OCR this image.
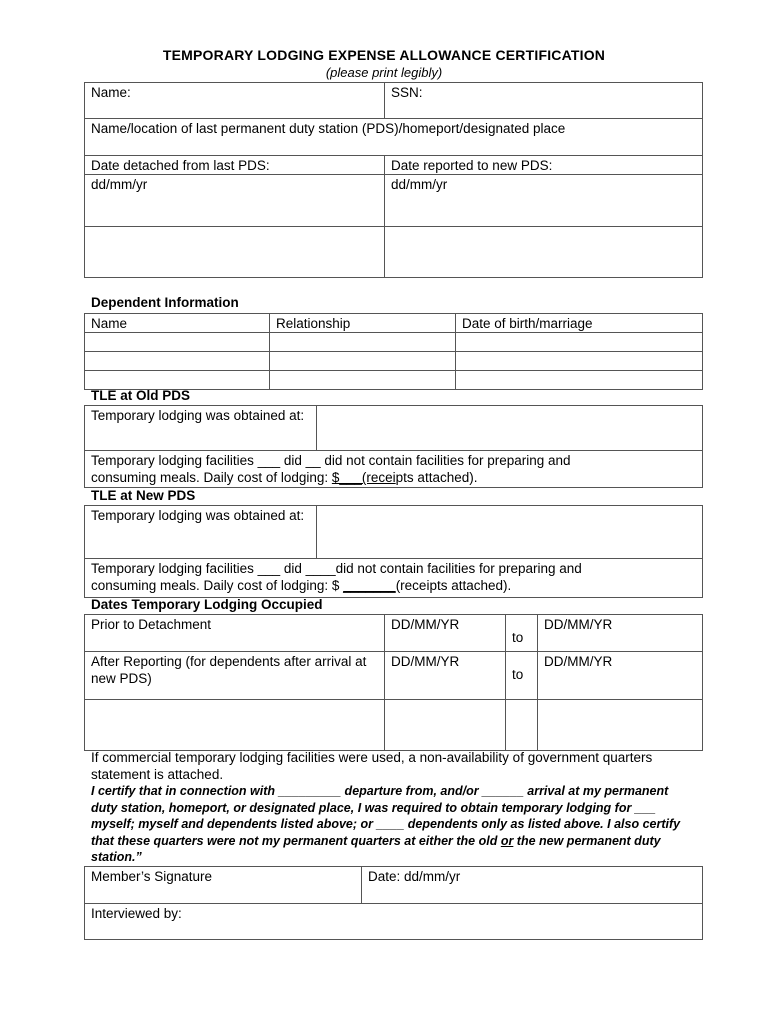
TEMPORARY LODGING EXPENSE ALLOWANCE CERTIFICATION
(please print legibly)
Name:	SSN:
Name/location of last permanent duty station (PDS)/homeport/designated place	
Date detached from last PDS:	Date reported to new PDS:
dd/mm/yr	dd/mm/yr

Dependent Information
Name	Relationship	Date of birth/marriage

TLE at Old PDS
Temporary lodging was obtained at:	
Temporary lodging facilities ___ did __ did not contain facilities for preparing and
consuming meals. Daily cost of lodging: $___(receipts attached).
TLE at New PDS
Temporary lodging was obtained at:	
Temporary lodging facilities ___ did ____did not contain facilities for preparing and
consuming meals. Daily cost of lodging: $ _______(receipts attached).
Dates Temporary Lodging Occupied
Prior to Detachment	DD/MM/YR	to	DD/MM/YR
After Reporting (for dependents after arrival at new PDS)	DD/MM/YR	to	DD/MM/YR

If commercial temporary lodging facilities were used, a non-availability of government quarters statement is attached.
I certify that in connection with _________ departure from, and/or ______ arrival at my permanent duty station, homeport, or designated place, I was required to obtain temporary lodging for ___ myself; myself and dependents listed above; or ____ dependents only as listed above. I also certify that these quarters were not my permanent quarters at either the old or the new permanent duty station.”
Member’s Signature	Date: dd/mm/yr
Interviewed by:
